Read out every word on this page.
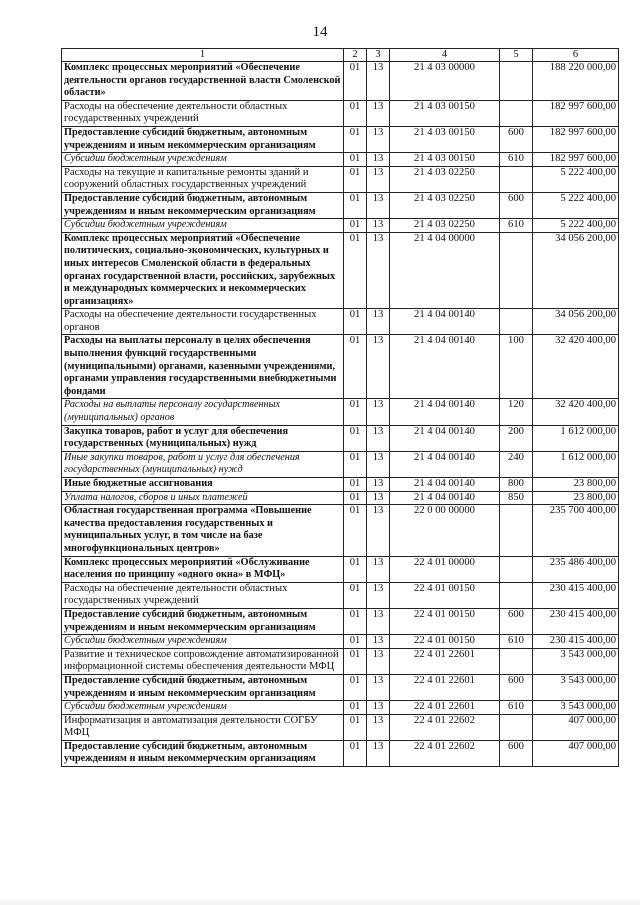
14
1	2	3	4	5	6
Комплекс процессных мероприятий «Обеспечение деятельности органов государственной власти Смоленской области»	01	13	21 4 03 00000		188 220 000,00
Расходы на обеспечение деятельности областных государственных учреждений	01	13	21 4 03 00150		182 997 600,00
Предоставление субсидий бюджетным, автономным учреждениям и иным некоммерческим организациям	01	13	21 4 03 00150	600	182 997 600,00
Субсидии бюджетным учреждениям	01	13	21 4 03 00150	610	182 997 600,00
Расходы на текущие и капитальные ремонты зданий и сооружений областных государственных учреждений	01	13	21 4 03 02250		5 222 400,00
Предоставление субсидий бюджетным, автономным учреждениям и иным некоммерческим организациям	01	13	21 4 03 02250	600	5 222 400,00
Субсидии бюджетным учреждениям	01	13	21 4 03 02250	610	5 222 400,00
Комплекс процессных мероприятий «Обеспечение политических, социально-экономических, культурных и иных интересов Смоленской области в федеральных органах государственной власти, российских, зарубежных и международных коммерческих и некоммерческих организациях»	01	13	21 4 04 00000		34 056 200,00
Расходы на обеспечение деятельности государственных органов	01	13	21 4 04 00140		34 056 200,00
Расходы на выплаты персоналу в целях обеспечения выполнения функций государственными (муниципальными) органами, казенными учреждениями, органами управления государственными внебюджетными фондами	01	13	21 4 04 00140	100	32 420 400,00
Расходы на выплаты персоналу государственных (муниципальных) органов	01	13	21 4 04 00140	120	32 420 400,00
Закупка товаров, работ и услуг для обеспечения государственных (муниципальных) нужд	01	13	21 4 04 00140	200	1 612 000,00
Иные закупки товаров, работ и услуг для обеспечения государственных (муниципальных) нужд	01	13	21 4 04 00140	240	1 612 000,00
Иные бюджетные ассигнования	01	13	21 4 04 00140	800	23 800,00
Уплата налогов, сборов и иных платежей	01	13	21 4 04 00140	850	23 800,00
Областная государственная программа «Повышение качества предоставления государственных и муниципальных услуг, в том числе на базе многофункциональных центров»	01	13	22 0 00 00000		235 700 400,00
Комплекс процессных мероприятий «Обслуживание населения по принципу «одного окна» в МФЦ»	01	13	22 4 01 00000		235 486 400,00
Расходы на обеспечение деятельности областных государственных учреждений	01	13	22 4 01 00150		230 415 400,00
Предоставление субсидий бюджетным, автономным учреждениям и иным некоммерческим организациям	01	13	22 4 01 00150	600	230 415 400,00
Субсидии бюджетным учреждениям	01	13	22 4 01 00150	610	230 415 400,00
Развитие и техническое сопровождение автоматизированной информационной системы обеспечения деятельности МФЦ	01	13	22 4 01 22601		3 543 000,00
Предоставление субсидий бюджетным, автономным учреждениям и иным некоммерческим организациям	01	13	22 4 01 22601	600	3 543 000,00
Субсидии бюджетным учреждениям	01	13	22 4 01 22601	610	3 543 000,00
Информатизация и автоматизация деятельности СОГБУ МФЦ	01	13	22 4 01 22602		407 000,00
Предоставление субсидий бюджетным, автономным учреждениям и иным некоммерческим организациям	01	13	22 4 01 22602	600	407 000,00
